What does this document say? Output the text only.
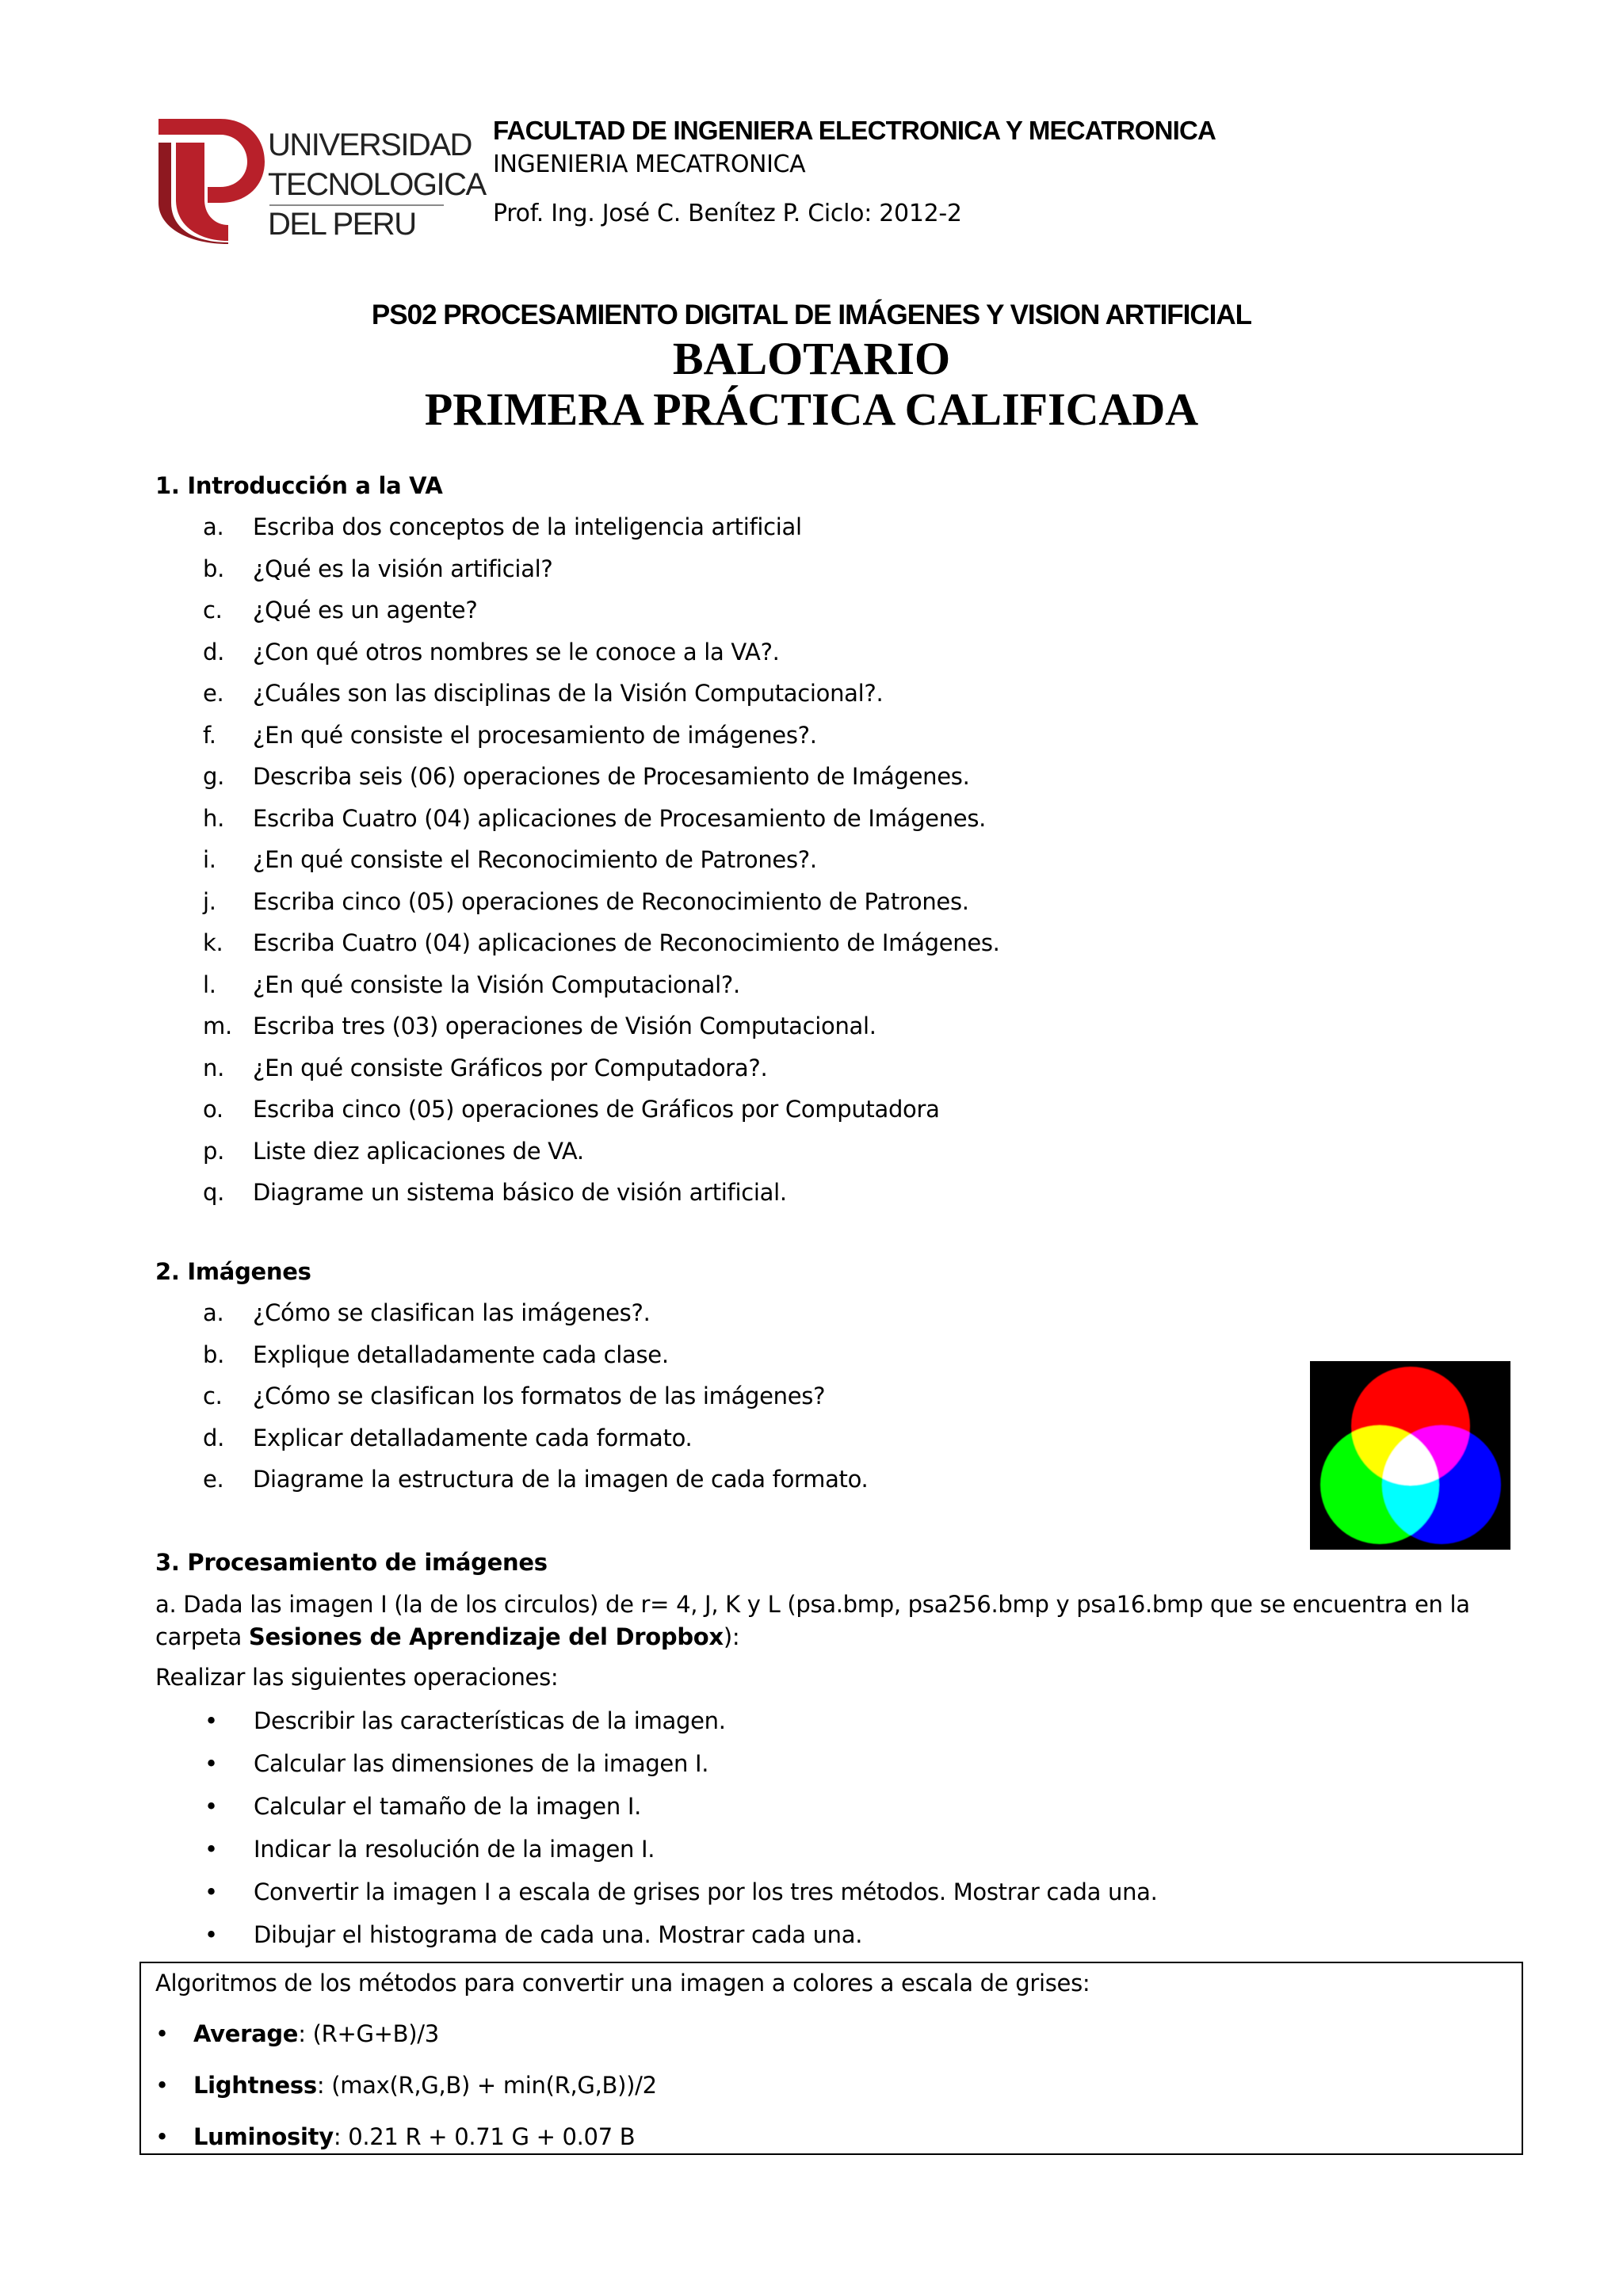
UNIVERSIDAD
TECNOLOGICA
DEL PERU
FACULTAD DE INGENIERA ELECTRONICA Y MECATRONICA
INGENIERIA MECATRONICA
Prof. Ing. José C. Benítez P. Ciclo: 2012-2
PS02 PROCESAMIENTO DIGITAL DE IMÁGENES Y VISION ARTIFICIAL
BALOTARIO
PRIMERA PRÁCTICA CALIFICADA
1. Introducción a la VA
a. Escriba dos conceptos de la inteligencia artificial
b. ¿Qué es la visión artificial?
c. ¿Qué es un agente?
d. ¿Con qué otros nombres se le conoce a la VA?.
e. ¿Cuáles son las disciplinas de la Visión Computacional?.
f. ¿En qué consiste el procesamiento de imágenes?.
g. Describa seis (06) operaciones de Procesamiento de Imágenes.
h. Escriba Cuatro (04) aplicaciones de Procesamiento de Imágenes.
i. ¿En qué consiste el Reconocimiento de Patrones?.
j. Escriba cinco (05) operaciones de Reconocimiento de Patrones.
k. Escriba Cuatro (04) aplicaciones de Reconocimiento de Imágenes.
l. ¿En qué consiste la Visión Computacional?.
m. Escriba tres (03) operaciones de Visión Computacional.
n. ¿En qué consiste Gráficos por Computadora?.
o. Escriba cinco (05) operaciones de Gráficos por Computadora
p. Liste diez aplicaciones de VA.
q. Diagrame un sistema básico de visión artificial.
2. Imágenes
a. ¿Cómo se clasifican las imágenes?.
b. Explique detalladamente cada clase.
c. ¿Cómo se clasifican los formatos de las imágenes?
d. Explicar detalladamente cada formato.
e. Diagrame la estructura de la imagen de cada formato.
3. Procesamiento de imágenes
a. Dada las imagen I (la de los circulos) de r= 4, J, K y L (psa.bmp, psa256.bmp y psa16.bmp que se encuentra en la
carpeta Sesiones de Aprendizaje del Dropbox):
Realizar las siguientes operaciones:
• Describir las características de la imagen.
• Calcular las dimensiones de la imagen I.
• Calcular el tamaño de la imagen I.
• Indicar la resolución de la imagen I.
• Convertir la imagen I a escala de grises por los tres métodos. Mostrar cada una.
• Dibujar el histograma de cada una. Mostrar cada una.
Algoritmos de los métodos para convertir una imagen a colores a escala de grises:
• Average: (R+G+B)/3
• Lightness: (max(R,G,B) + min(R,G,B))/2
• Luminosity: 0.21 R + 0.71 G + 0.07 B
